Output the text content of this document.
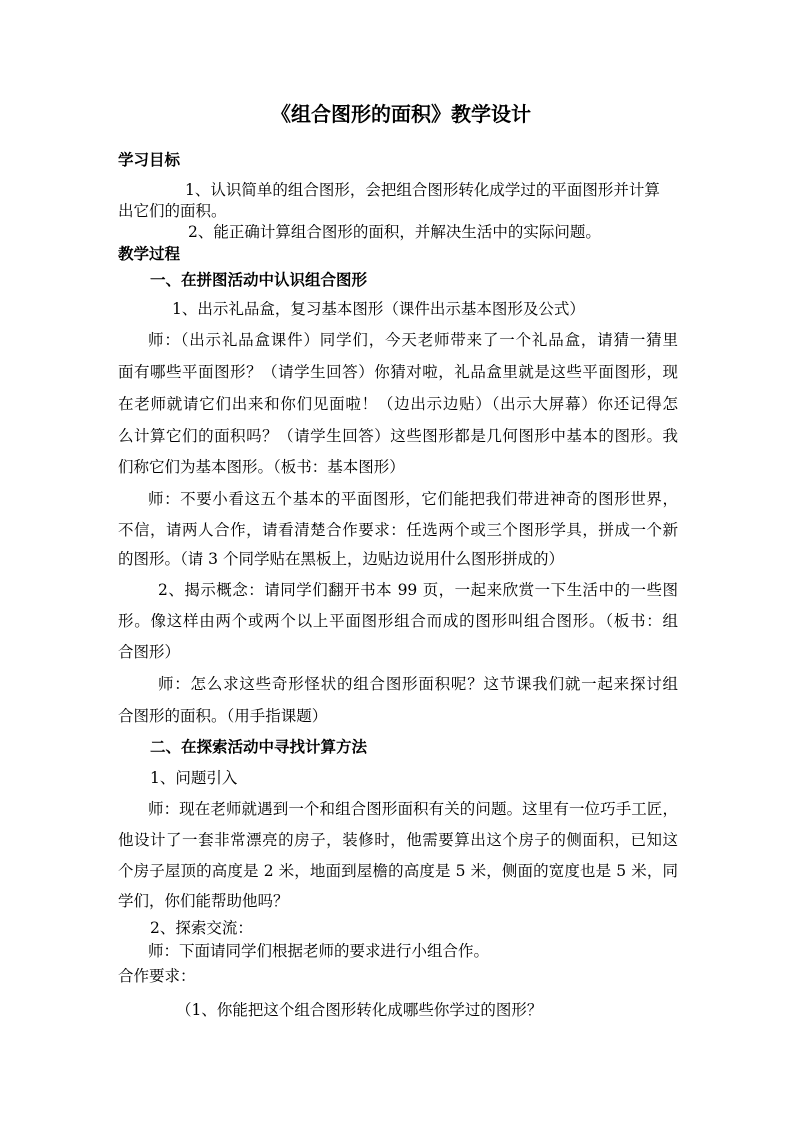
《组合图形的面积》教学设计
学习目标
1、认识简单的组合图形，会把组合图形转化成学过的平面图形并计算
出它们的面积。
2、能正确计算组合图形的面积，并解决生活中的实际问题。
教学过程
一、在拼图活动中认识组合图形
1、出示礼品盒，复习基本图形（课件出示基本图形及公式）
师：（出示礼品盒课件）同学们，今天老师带来了一个礼品盒，请猜一猜里
面有哪些平面图形？（请学生回答）你猜对啦，礼品盒里就是这些平面图形，现
在老师就请它们出来和你们见面啦！（边出示边贴）（出示大屏幕）你还记得怎
么计算它们的面积吗？（请学生回答）这些图形都是几何图形中基本的图形。我
们称它们为基本图形。（板书：基本图形）
师：不要小看这五个基本的平面图形，它们能把我们带进神奇的图形世界，
不信，请两人合作，请看清楚合作要求：任选两个或三个图形学具，拼成一个新
的图形。（请 3 个同学贴在黑板上，边贴边说用什么图形拼成的）
2、揭示概念：请同学们翻开书本 99 页，一起来欣赏一下生活中的一些图
形。像这样由两个或两个以上平面图形组合而成的图形叫组合图形。（板书：组
合图形）
师：怎么求这些奇形怪状的组合图形面积呢？这节课我们就一起来探讨组
合图形的面积。（用手指课题）
二、在探索活动中寻找计算方法
1、问题引入
师：现在老师就遇到一个和组合图形面积有关的问题。这里有一位巧手工匠，
他设计了一套非常漂亮的房子，装修时，他需要算出这个房子的侧面积，已知这
个房子屋顶的高度是 2 米，地面到屋檐的高度是 5 米，侧面的宽度也是 5 米，同
学们，你们能帮助他吗？
2、探索交流：
师：下面请同学们根据老师的要求进行小组合作。
合作要求：
（1、你能把这个组合图形转化成哪些你学过的图形？
